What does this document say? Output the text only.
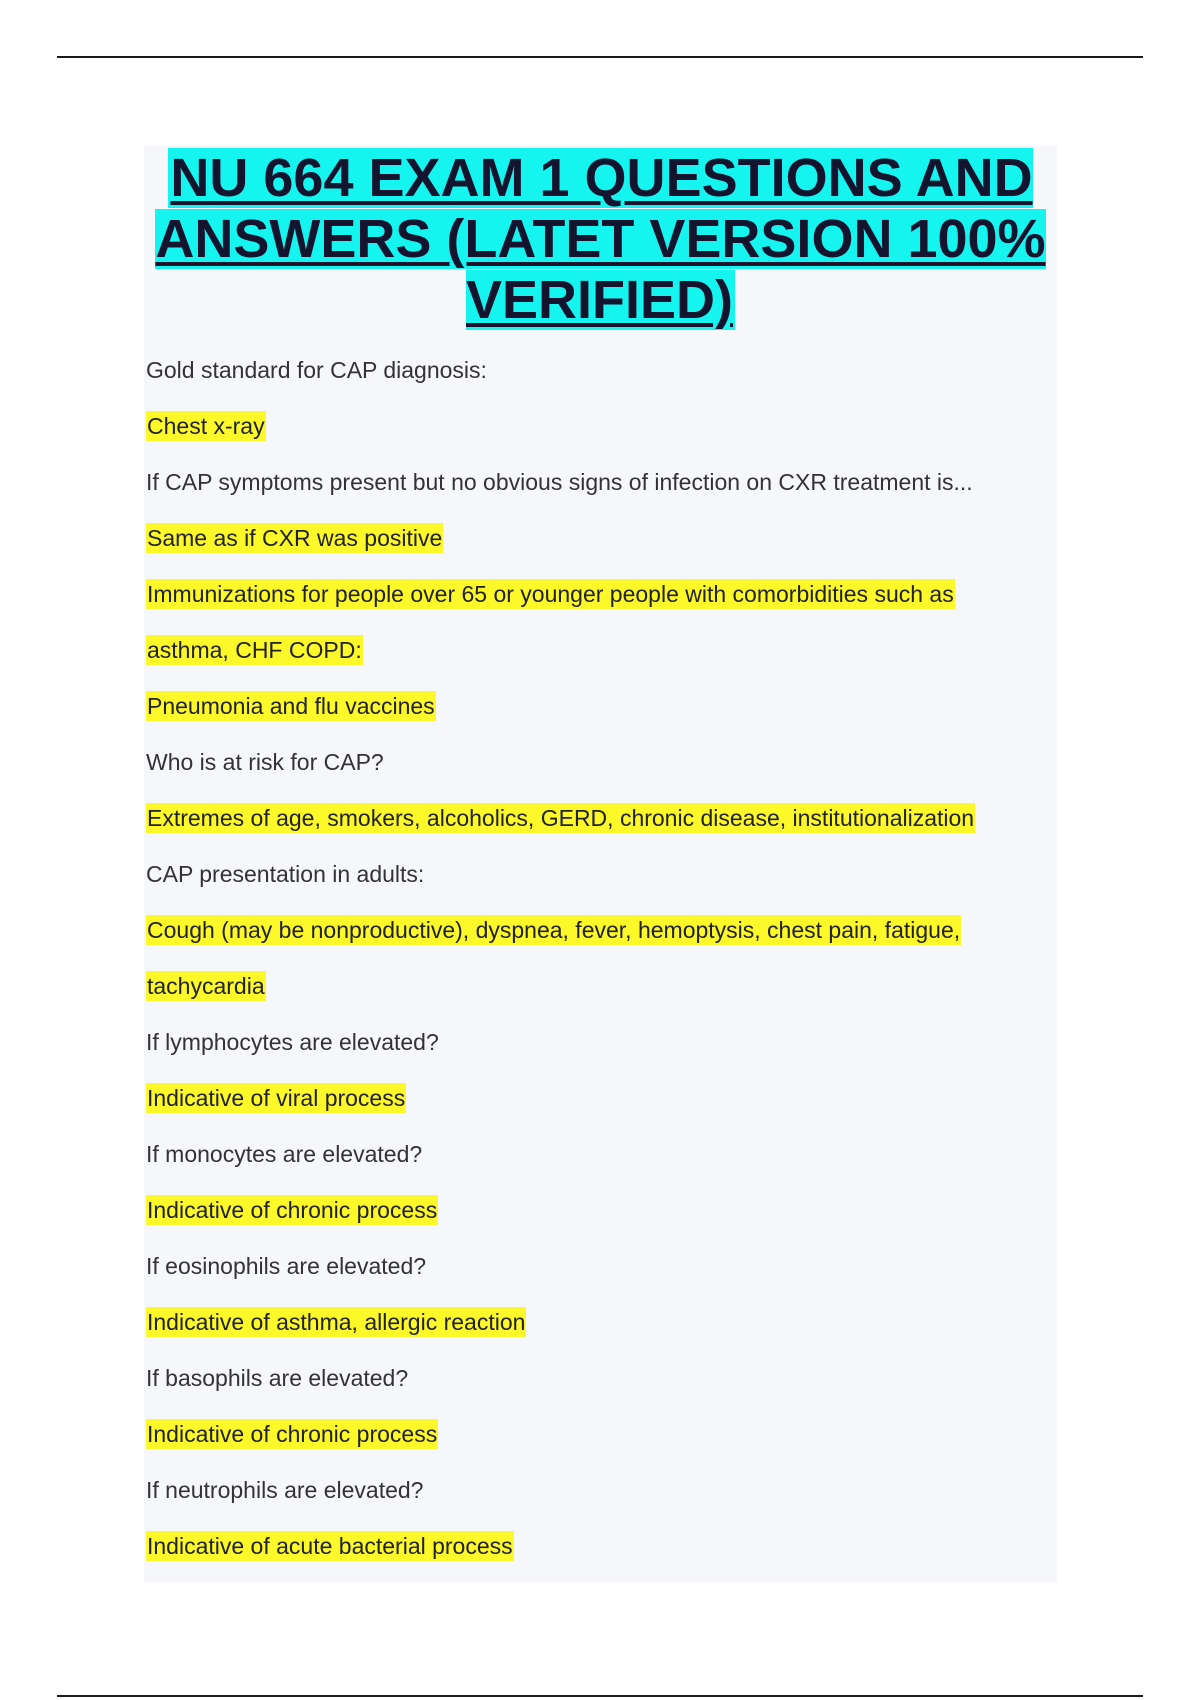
NU 664 EXAM 1 QUESTIONS AND ANSWERS (LATET VERSION 100% VERIFIED)
Gold standard for CAP diagnosis:
Chest x-ray
If CAP symptoms present but no obvious signs of infection on CXR treatment is...
Same as if CXR was positive
Immunizations for people over 65 or younger people with comorbidities such as
asthma, CHF COPD:
Pneumonia and flu vaccines
Who is at risk for CAP?
Extremes of age, smokers, alcoholics, GERD, chronic disease, institutionalization
CAP presentation in adults:
Cough (may be nonproductive), dyspnea, fever, hemoptysis, chest pain, fatigue,
tachycardia
If lymphocytes are elevated?
Indicative of viral process
If monocytes are elevated?
Indicative of chronic process
If eosinophils are elevated?
Indicative of asthma, allergic reaction
If basophils are elevated?
Indicative of chronic process
If neutrophils are elevated?
Indicative of acute bacterial process
